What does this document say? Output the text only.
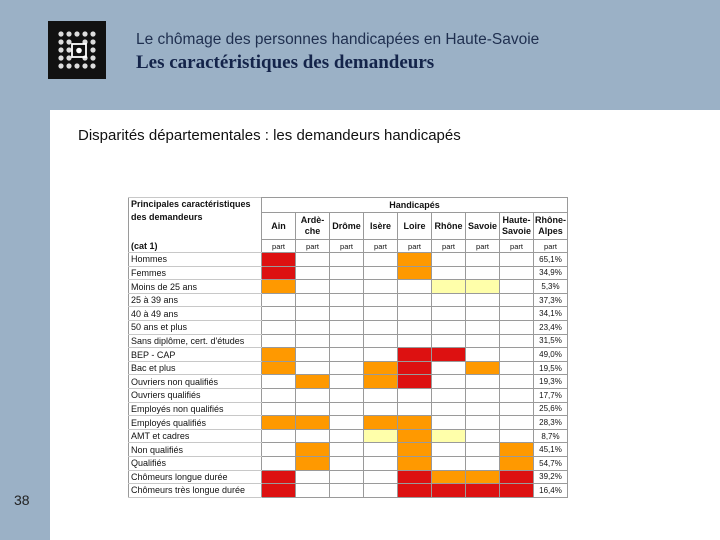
Le chômage des personnes handicapées en Haute-Savoie
Les caractéristiques des demandeurs
Disparités départementales : les demandeurs handicapés
Principales caractéristiques des demandeurs	Handicapés								
	Ain	Ardè-che	Drôme	Isère	Loire	Rhône	Savoie	Haute-Savoie	Rhône-Alpes
(cat 1)	part	part	part	part	part	part	part	part	part
Hommes									65,1%
Femmes									34,9%
Moins de 25 ans									5,3%
25 à 39 ans									37,3%
40 à 49 ans									34,1%
50 ans et plus									23,4%
Sans diplôme, cert. d'études									31,5%
BEP - CAP									49,0%
Bac et plus									19,5%
Ouvriers non qualifiés									19,3%
Ouvriers qualifiés									17,7%
Employés non qualifiés									25,6%
Employés qualifiés									28,3%
AMT et cadres									8,7%
Non qualifiés									45,1%
Qualifiés									54,7%
Chômeurs longue durée									39,2%
Chômeurs très longue durée									16,4%
38
